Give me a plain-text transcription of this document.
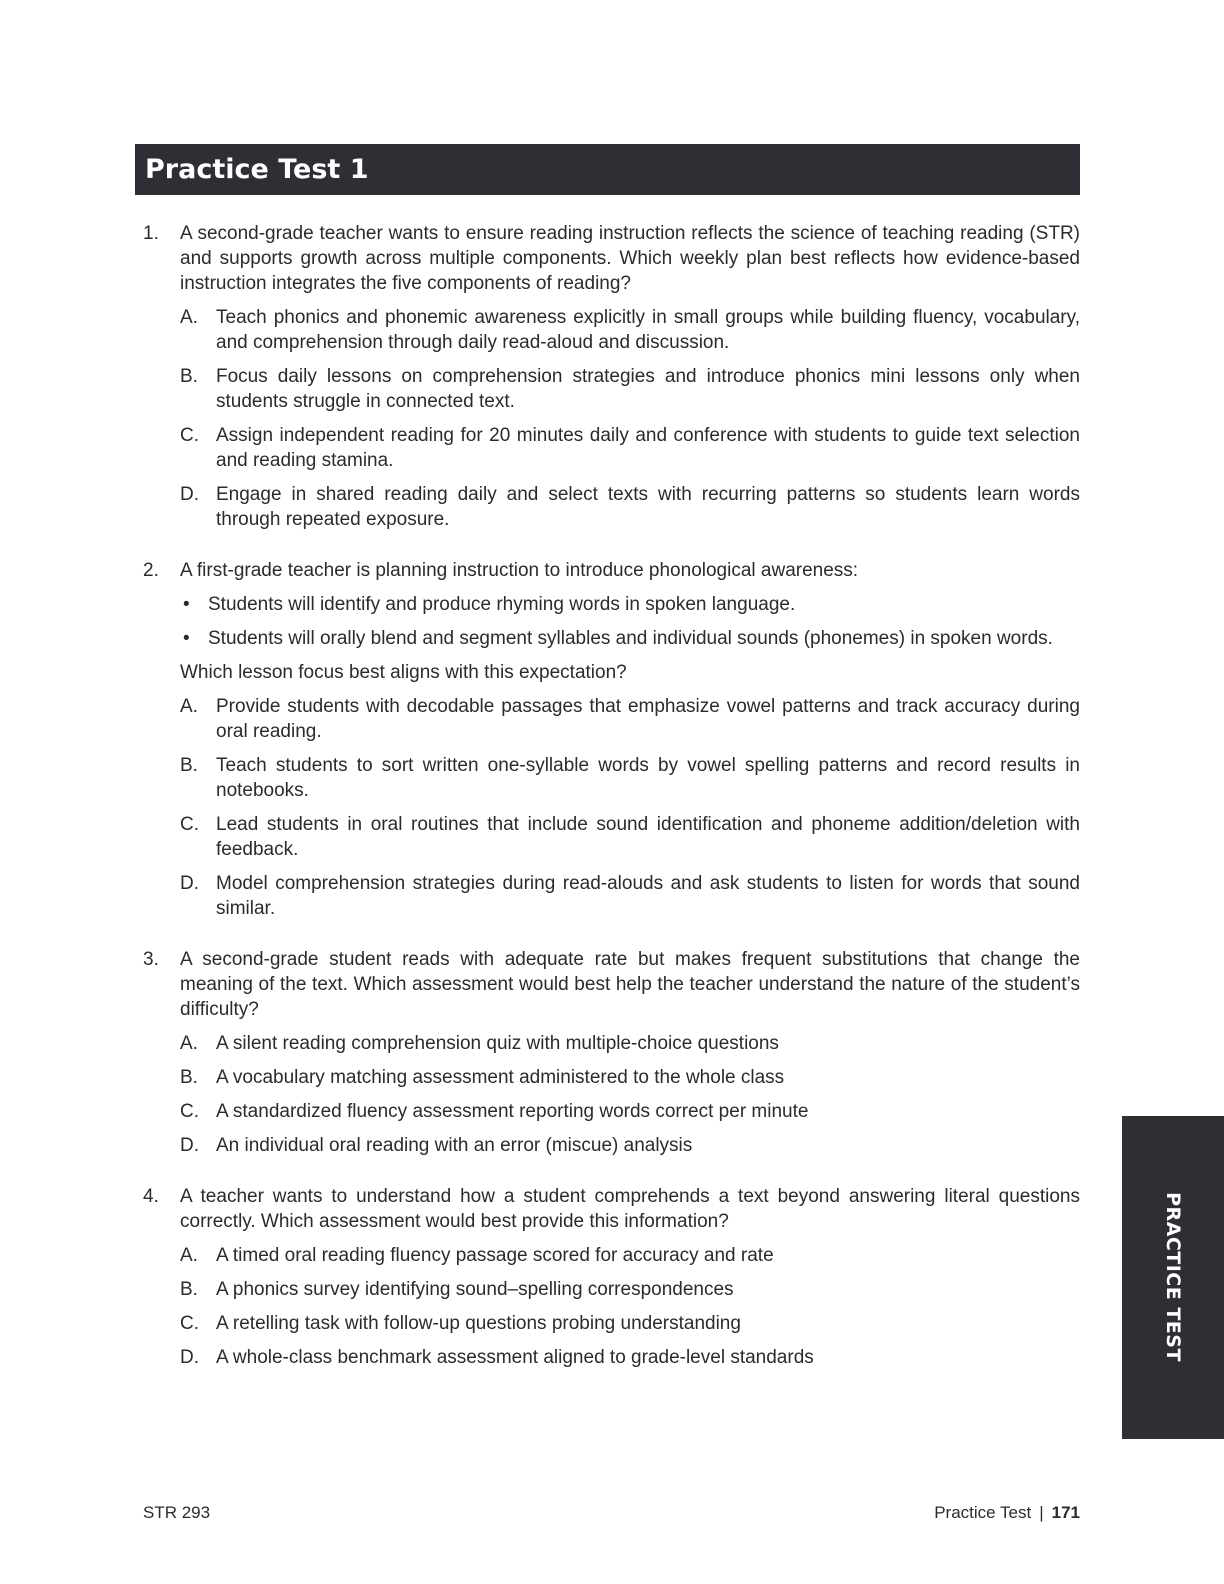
Practice Test 1
1.	A second-grade teacher wants to ensure reading instruction reflects the science of teaching reading (STR) and supports growth across multiple components. Which weekly plan best reflects how evidence-based instruction integrates the five components of reading?
A. Teach phonics and phonemic awareness explicitly in small groups while building fluency, vocabulary, and comprehension through daily read-aloud and discussion.
B. Focus daily lessons on comprehension strategies and introduce phonics mini lessons only when students struggle in connected text.
C. Assign independent reading for 20 minutes daily and conference with students to guide text selection and reading stamina.
D. Engage in shared reading daily and select texts with recurring patterns so students learn words through repeated exposure.
2.	A first-grade teacher is planning instruction to introduce phonological awareness:
• Students will identify and produce rhyming words in spoken language.
• Students will orally blend and segment syllables and individual sounds (phonemes) in spoken words.
Which lesson focus best aligns with this expectation?
A. Provide students with decodable passages that emphasize vowel patterns and track accuracy during oral reading.
B. Teach students to sort written one-syllable words by vowel spelling patterns and record results in notebooks.
C. Lead students in oral routines that include sound identification and phoneme addition/deletion with feedback.
D. Model comprehension strategies during read-alouds and ask students to listen for words that sound similar.
3.	A second-grade student reads with adequate rate but makes frequent substitutions that change the meaning of the text. Which assessment would best help the teacher understand the nature of the student’s difficulty?
A. A silent reading comprehension quiz with multiple-choice questions
B. A vocabulary matching assessment administered to the whole class
C. A standardized fluency assessment reporting words correct per minute
D. An individual oral reading with an error (miscue) analysis
4.	A teacher wants to understand how a student comprehends a text beyond answering literal questions correctly. Which assessment would best provide this information?
A. A timed oral reading fluency passage scored for accuracy and rate
B. A phonics survey identifying sound–spelling correspondences
C. A retelling task with follow-up questions probing understanding
D. A whole-class benchmark assessment aligned to grade-level standards	PRACTICE TEST
STR 293	Practice Test | 171
